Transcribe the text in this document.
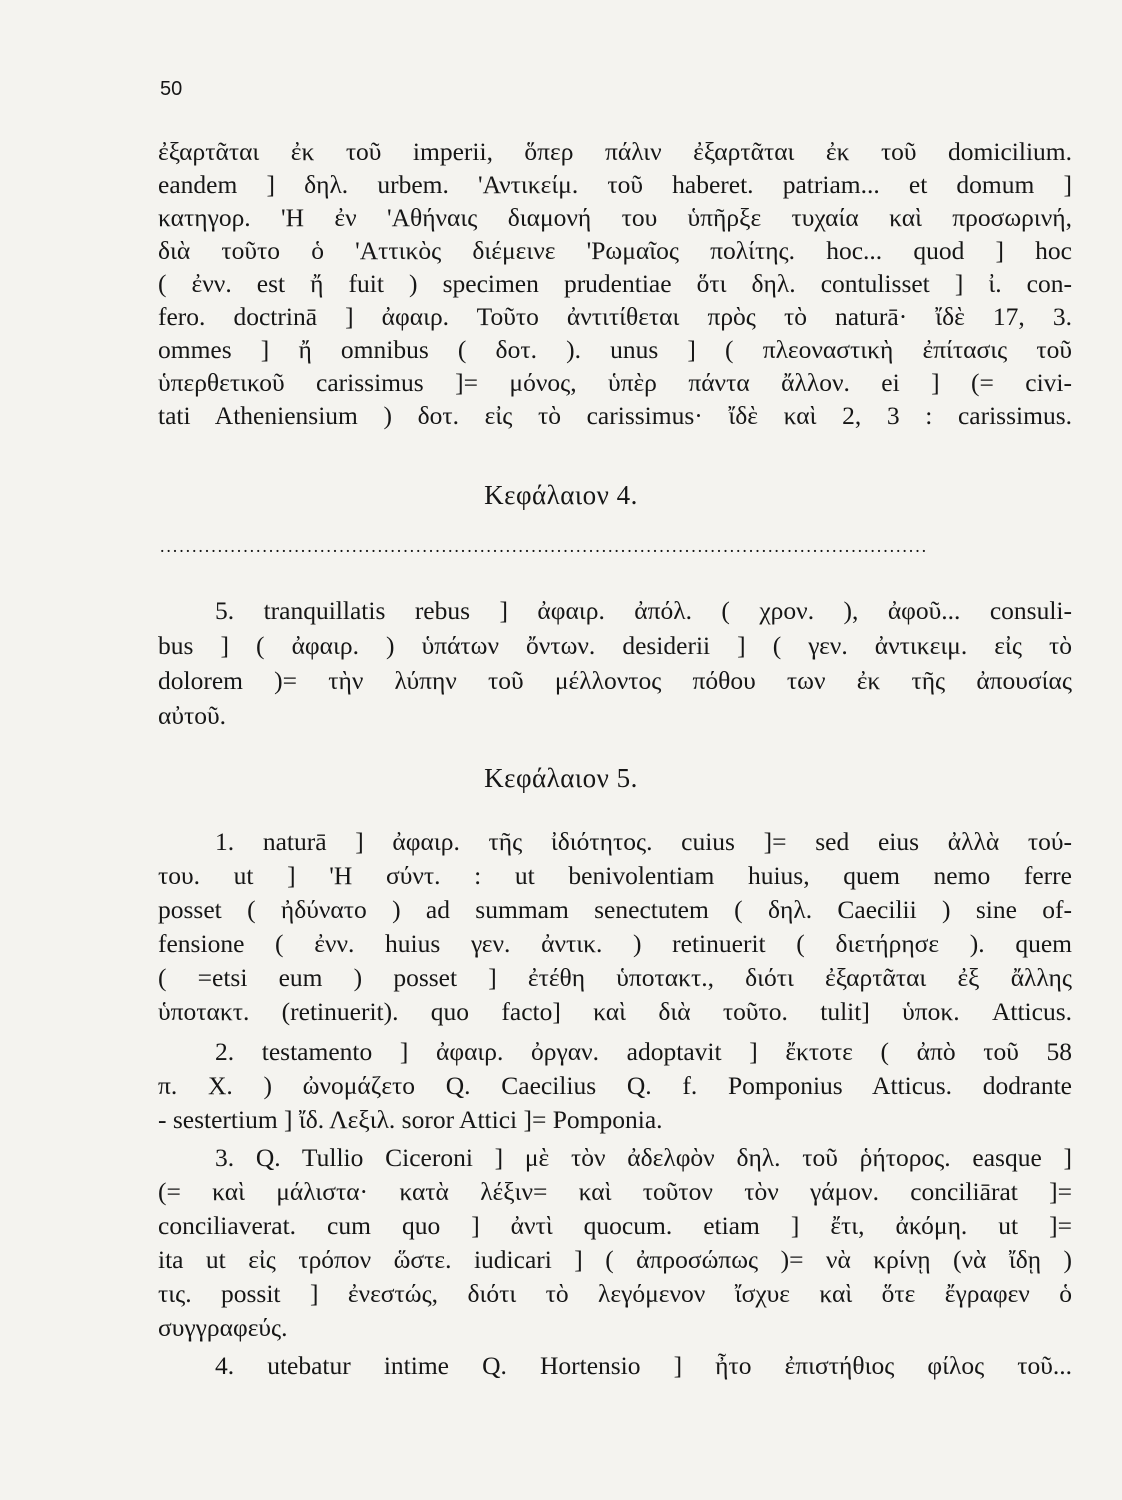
50
ἐξαρτᾶται ἐκ τοῦ imperii, ὅπερ πάλιν ἐξαρτᾶται ἐκ τοῦ domicilium.
eandem ] δηλ. urbem. 'Αντικείμ. τοῦ haberet. patriam... et domum ]
κατηγορ. 'Η ἐν 'Αθήναις διαμονή του ὑπῆρξε τυχαία καὶ προσωρινή,
διὰ τοῦτο ὁ 'Αττικὸς διέμεινε 'Ρωμαῖος πολίτης. hoc... quod ] hoc
( ἐνν. est ἤ fuit ) specimen prudentiae ὅτι δηλ. contulisset ] ἰ. con-
fero. doctrinā ] ἀφαιρ. Τοῦτο ἀντιτίθεται πρὸς τὸ naturā· ἴδὲ 17, 3.
ommes ] ἤ omnibus ( δοτ. ). unus ] ( πλεοναστικὴ ἐπίτασις τοῦ
ὑπερθετικοῦ carissimus ]= μόνος, ὑπὲρ πάντα ἄλλον. ei ] (= civi-
tati Atheniensium ) δοτ. εἰς τὸ carissimus· ἴδὲ καὶ 2, 3 : carissimus.
Κεφάλαιον 4.
........................................................................................................................
5. tranquillatis rebus ] ἀφαιρ. ἀπόλ. ( χρον. ), ἀφοῦ... consuli-
bus ] ( ἀφαιρ. ) ὑπάτων ὄντων. desiderii ] ( γεν. ἀντικειμ. εἰς τὸ
dolorem )= τὴν λύπην τοῦ μέλλοντος πόθου των ἐκ τῆς ἀπουσίας
αὐτοῦ.
Κεφάλαιον 5.
1. naturā ] ἀφαιρ. τῆς ἰδιότητος. cuius ]= sed eius ἀλλὰ τού-
του. ut ] 'Η σύντ. : ut benivolentiam huius, quem nemo ferre
posset ( ἠδύνατο ) ad summam senectutem ( δηλ. Caecilii ) sine of-
fensione ( ἐνν. huius γεν. ἀντικ. ) retinuerit ( διετήρησε ). quem
( =etsi eum ) posset ] ἐτέθη ὑποτακτ., διότι ἐξαρτᾶται ἐξ ἄλλης
ὑποτακτ. (retinuerit). quo facto] καὶ διὰ τοῦτο. tulit] ὑποκ. Atticus.
2. testamento ] ἀφαιρ. ὀργαν. adoptavit ] ἔκτοτε ( ἀπὸ τοῦ 58
π. Χ. ) ὠνομάζετο Q. Caecilius Q. f. Pomponius Atticus. dodrante
- sestertium ] ἴδ. Λεξιλ. soror Attici ]= Pomponia.
3. Q. Tullio Ciceroni ] μὲ τὸν ἀδελφὸν δηλ. τοῦ ῥήτορος. easque ]
(= καὶ μάλιστα· κατὰ λέξιν= καὶ τοῦτον τὸν γάμον. conciliārat ]=
conciliaverat. cum quo ] ἀντὶ quocum. etiam ] ἔτι, ἀκόμη. ut ]=
ita ut εἰς τρόπον ὥστε. iudicari ] ( ἀπροσώπως )= νὰ κρίνῃ (νὰ ἴδῃ )
τις. possit ] ἐνεστώς, διότι τὸ λεγόμενον ἴσχυε καὶ ὅτε ἔγραφεν ὁ
συγγραφεύς.
4. utebatur intime Q. Hortensio ] ἦτο ἐπιστήθιος φίλος τοῦ...
